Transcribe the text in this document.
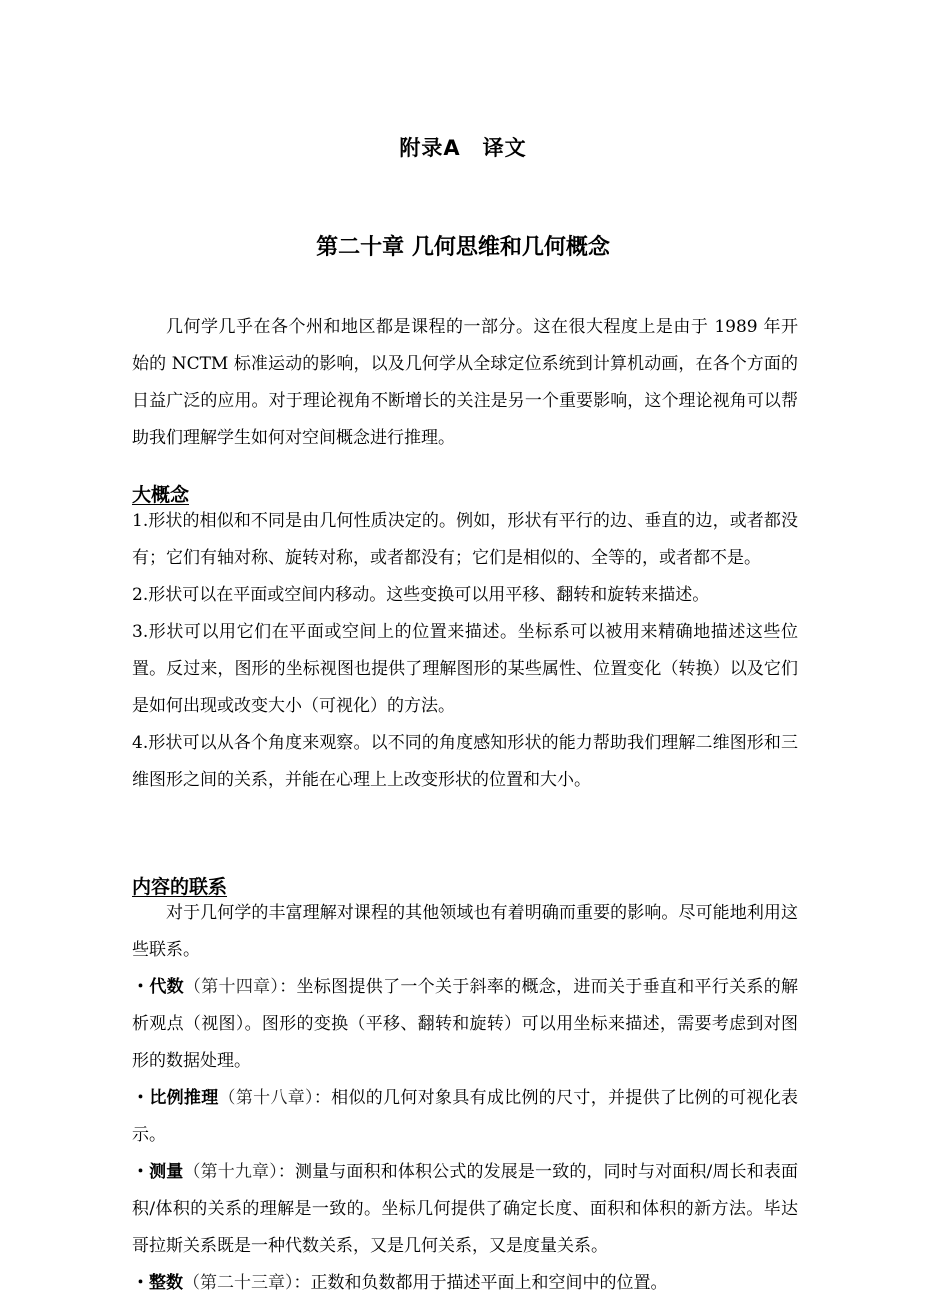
附录A　译文
第二十章 几何思维和几何概念

几何学几乎在各个州和地区都是课程的一部分。这在很大程度上是由于 1989 年开始的 NCTM 标准运动的影响，以及几何学从全球定位系统到计算机动画，在各个方面的日益广泛的应用。对于理论视角不断增长的关注是另一个重要影响，这个理论视角可以帮助我们理解学生如何对空间概念进行推理。

大概念

1.形状的相似和不同是由几何性质决定的。例如，形状有平行的边、垂直的边，或者都没有；它们有轴对称、旋转对称，或者都没有；它们是相似的、全等的，或者都不是。

2.形状可以在平面或空间内移动。这些变换可以用平移、翻转和旋转来描述。

3.形状可以用它们在平面或空间上的位置来描述。坐标系可以被用来精确地描述这些位置。反过来，图形的坐标视图也提供了理解图形的某些属性、位置变化（转换）以及它们是如何出现或改变大小（可视化）的方法。

4.形状可以从各个角度来观察。以不同的角度感知形状的能力帮助我们理解二维图形和三维图形之间的关系，并能在心理上上改变形状的位置和大小。

内容的联系

对于几何学的丰富理解对课程的其他领域也有着明确而重要的影响。尽可能地利用这些联系。

・代数（第十四章）：坐标图提供了一个关于斜率的概念，进而关于垂直和平行关系的解析观点（视图）。图形的变换（平移、翻转和旋转）可以用坐标来描述，需要考虑到对图形的数据处理。

・比例推理（第十八章）：相似的几何对象具有成比例的尺寸，并提供了比例的可视化表示。

・测量（第十九章）：测量与面积和体积公式的发展是一致的，同时与对面积/周长和表面积/体积的关系的理解是一致的。坐标几何提供了确定长度、面积和体积的新方法。毕达哥拉斯关系既是一种代数关系，又是几何关系，又是度量关系。

・整数（第二十三章）：正数和负数都用于描述平面上和空间中的位置。
